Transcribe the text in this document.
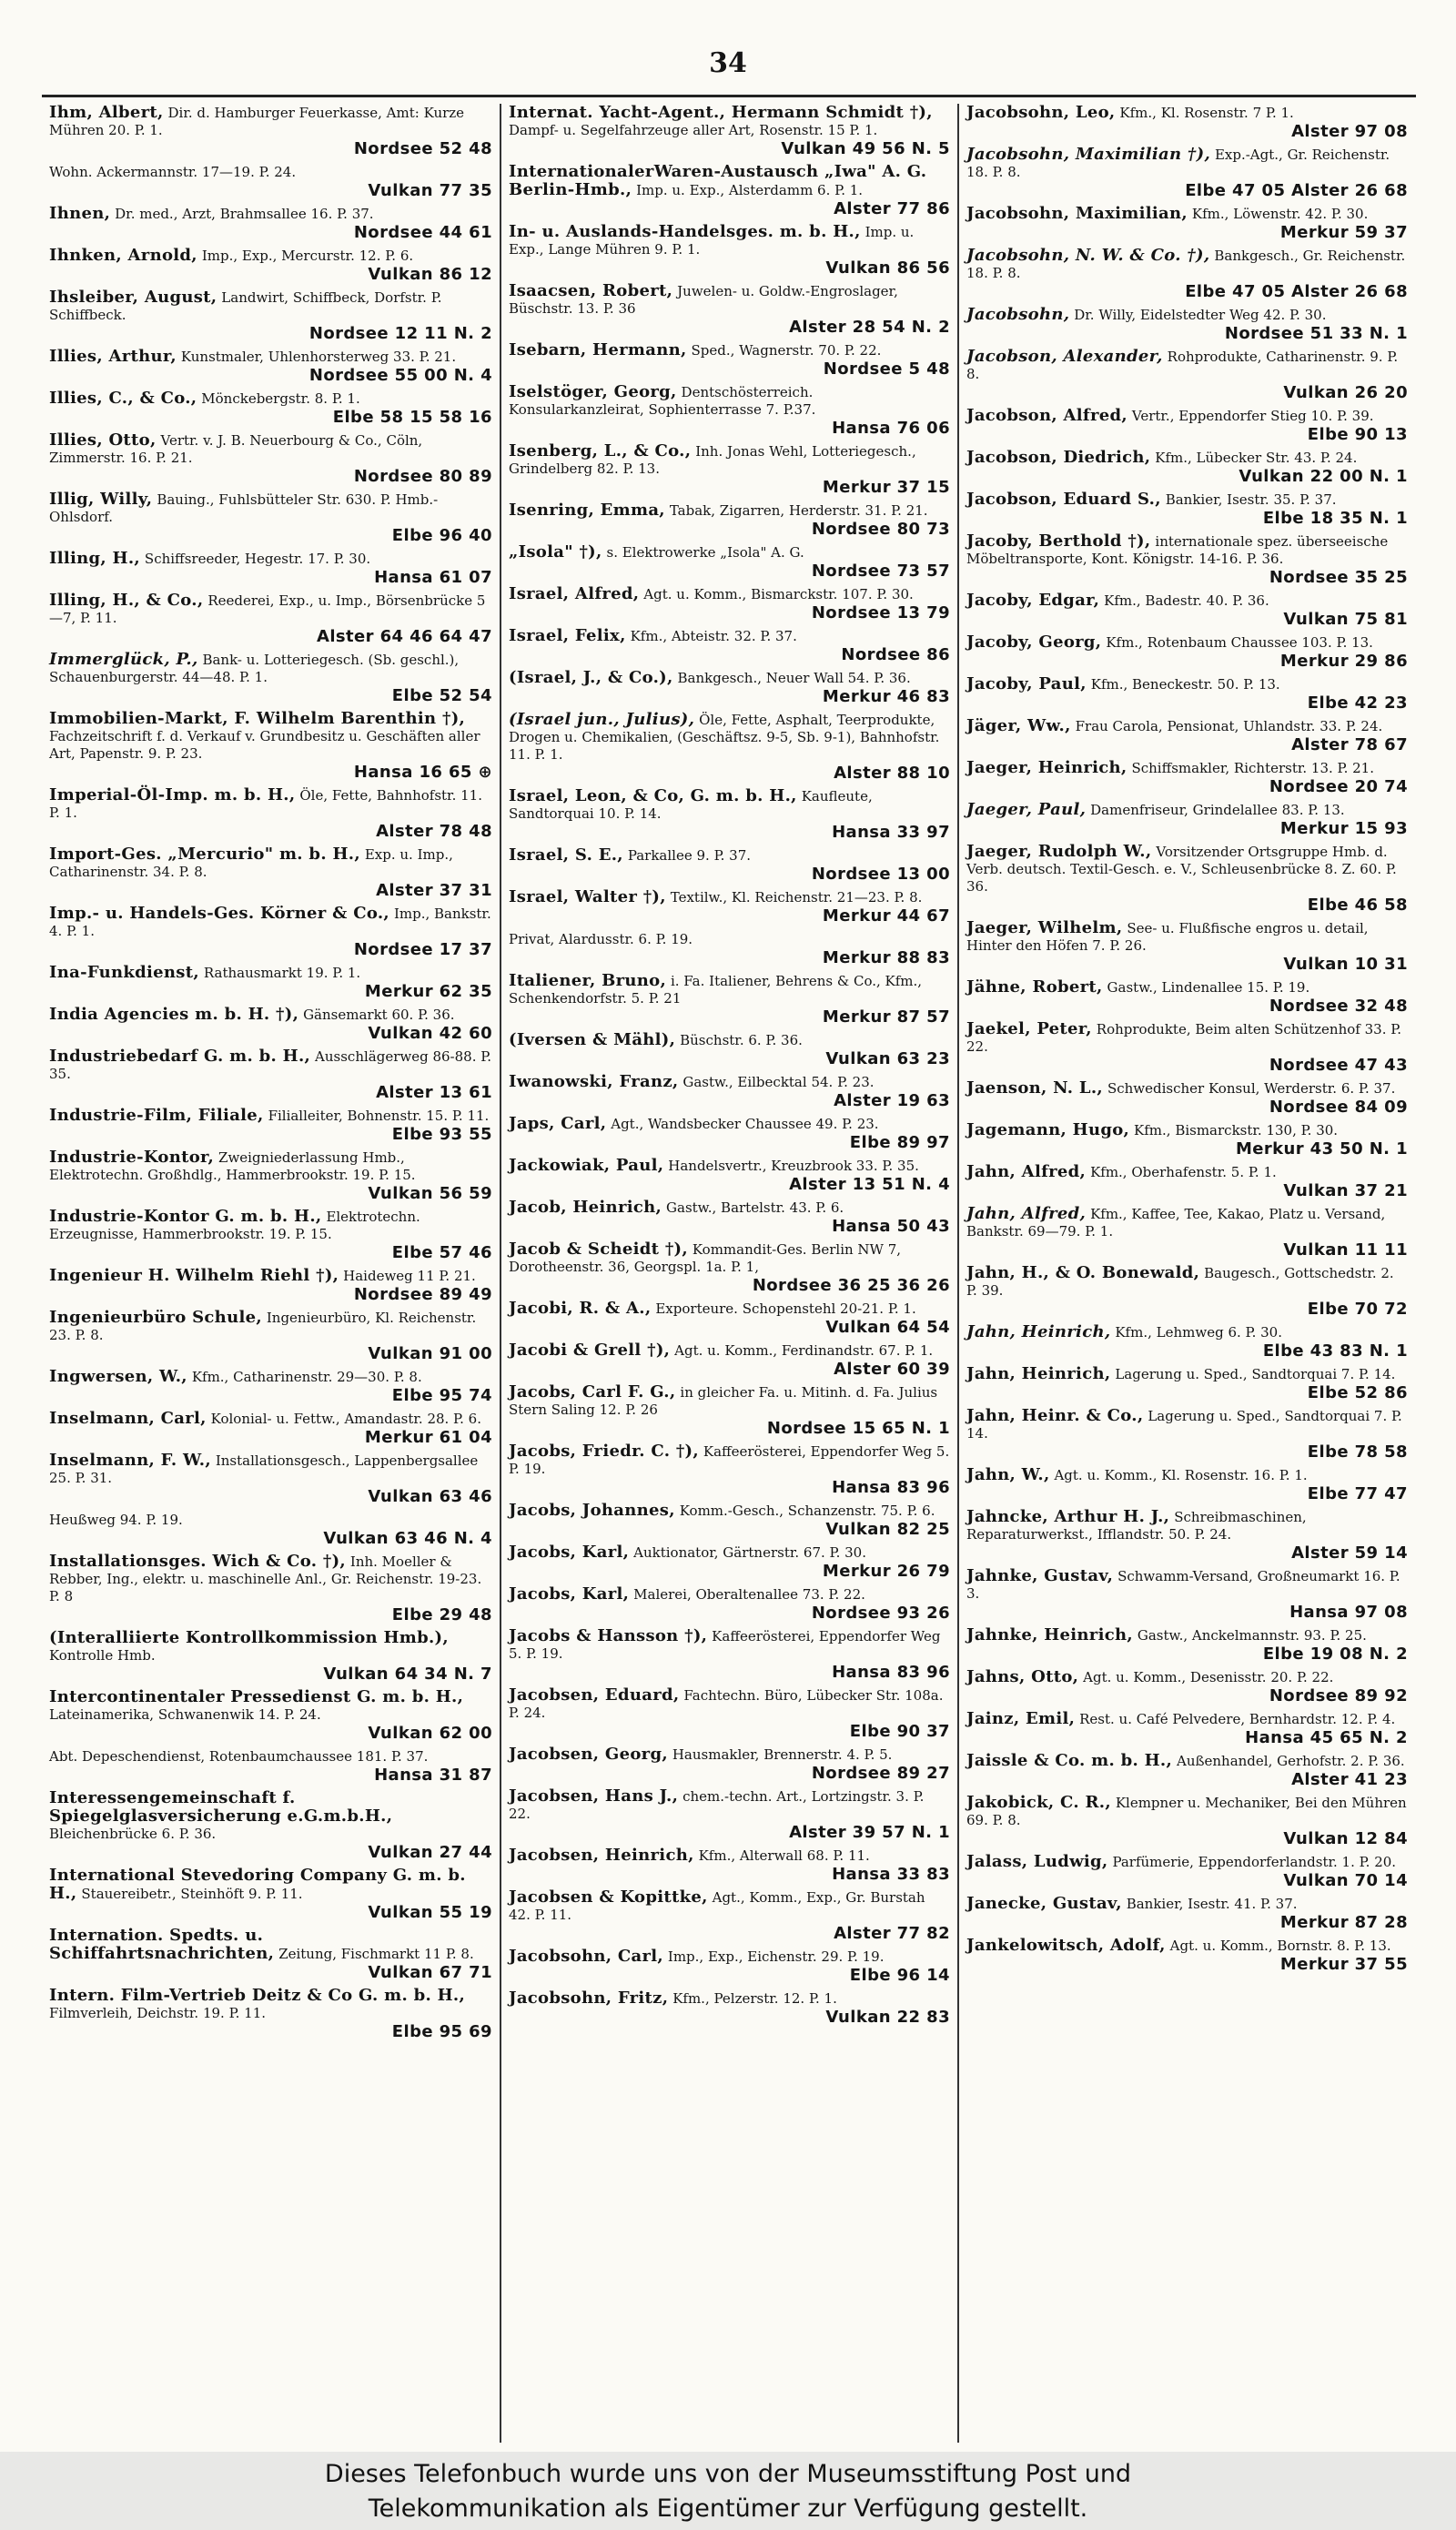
34
Ihm, Albert, Dir. d. Hamburger Feuerkasse, Amt: Kurze Mühren 20. P. 1.
Nordsee 52 48
Wohn. Ackermannstr. 17—19. P. 24.
Vulkan 77 35
Ihnen, Dr. med., Arzt, Brahmsallee 16. P. 37.
Nordsee 44 61
Ihnken, Arnold, Imp., Exp., Mercurstr. 12. P. 6.
Vulkan 86 12
Ihsleiber, August, Landwirt, Schiffbeck, Dorfstr. P. Schiffbeck.
Nordsee 12 11 N. 2
Illies, Arthur, Kunstmaler, Uhlenhorsterweg 33. P. 21.
Nordsee 55 00 N. 4
Illies, C., & Co., Mönckebergstr. 8. P. 1.
Elbe 58 15 58 16
Illies, Otto, Vertr. v. J. B. Neuerbourg & Co., Cöln, Zimmerstr. 16. P. 21.
Nordsee 80 89
Illig, Willy, Bauing., Fuhlsbütteler Str. 630. P. Hmb.-Ohlsdorf.
Elbe 96 40
Illing, H., Schiffsreeder, Hegestr. 17. P. 30.
Hansa 61 07
Illing, H., & Co., Reederei, Exp., u. Imp., Börsenbrücke 5—7, P. 11.
Alster 64 46 64 47
Immerglück, P., Bank- u. Lotteriegesch. (Sb. geschl.), Schauenburgerstr. 44—48. P. 1.
Elbe 52 54
Immobilien-Markt, F. Wilhelm Barenthin †), Fachzeitschrift f. d. Verkauf v. Grundbesitz u. Geschäften aller Art, Papenstr. 9. P. 23.
Hansa 16 65 ⊕
Imperial-Öl-Imp. m. b. H., Öle, Fette, Bahnhofstr. 11. P. 1.
Alster 78 48
Import-Ges. „Mercurio" m. b. H., Exp. u. Imp., Catharinenstr. 34. P. 8.
Alster 37 31
Imp.- u. Handels-Ges. Körner & Co., Imp., Bankstr. 4. P. 1.
Nordsee 17 37
Ina-Funkdienst, Rathausmarkt 19. P. 1.
Merkur 62 35
India Agencies m. b. H. †), Gänsemarkt 60. P. 36.
Vulkan 42 60
Industriebedarf G. m. b. H., Ausschlägerweg 86-88. P. 35.
Alster 13 61
Industrie-Film, Filiale, Filialleiter, Bohnenstr. 15. P. 11.
Elbe 93 55
Industrie-Kontor, Zweigniederlassung Hmb., Elektrotechn. Großhdlg., Hammerbrookstr. 19. P. 15.
Vulkan 56 59
Industrie-Kontor G. m. b. H., Elektrotechn. Erzeugnisse, Hammerbrookstr. 19. P. 15.
Elbe 57 46
Ingenieur H. Wilhelm Riehl †), Haideweg 11 P. 21.
Nordsee 89 49
Ingenieurbüro Schule, Ingenieurbüro, Kl. Reichenstr. 23. P. 8.
Vulkan 91 00
Ingwersen, W., Kfm., Catharinenstr. 29—30. P. 8.
Elbe 95 74
Inselmann, Carl, Kolonial- u. Fettw., Amandastr. 28. P. 6.
Merkur 61 04
Inselmann, F. W., Installationsgesch., Lappenbergsallee 25. P. 31.
Vulkan 63 46
Heußweg 94. P. 19.
Vulkan 63 46 N. 4
Installationsges. Wich & Co. †), Inh. Moeller & Rebber, Ing., elektr. u. maschinelle Anl., Gr. Reichenstr. 19-23. P. 8
Elbe 29 48
(Interalliierte Kontrollkommission Hmb.), Kontrolle Hmb.
Vulkan 64 34 N. 7
Intercontinentaler Pressedienst G. m. b. H., Lateinamerika, Schwanenwik 14. P. 24.
Vulkan 62 00
Abt. Depeschendienst, Rotenbaumchaussee 181. P. 37.
Hansa 31 87
Interessengemeinschaft f. Spiegelglasversicherung e.G.m.b.H., Bleichenbrücke 6. P. 36.
Vulkan 27 44
International Stevedoring Company G. m. b. H., Stauereibetr., Steinhöft 9. P. 11.
Vulkan 55 19
Internation. Spedts. u. Schiffahrtsnachrichten, Zeitung, Fischmarkt 11 P. 8.
Vulkan 67 71
Intern. Film-Vertrieb Deitz & Co G. m. b. H., Filmverleih, Deichstr. 19. P. 11.
Elbe 95 69
Internat. Yacht-Agent., Hermann Schmidt †), Dampf- u. Segelfahrzeuge aller Art, Rosenstr. 15 P. 1.
Vulkan 49 56 N. 5
InternationalerWaren-Austausch „Iwa" A. G. Berlin-Hmb., Imp. u. Exp., Alsterdamm 6. P. 1.
Alster 77 86
In- u. Auslands-Handelsges. m. b. H., Imp. u. Exp., Lange Mühren 9. P. 1.
Vulkan 86 56
Isaacsen, Robert, Juwelen- u. Goldw.-Engroslager, Büschstr. 13. P. 36
Alster 28 54 N. 2
Isebarn, Hermann, Sped., Wagnerstr. 70. P. 22.
Nordsee 5 48
Iselstöger, Georg, Dentschösterreich. Konsularkanzleirat, Sophienterrasse 7. P.37.
Hansa 76 06
Isenberg, L., & Co., Inh. Jonas Wehl, Lotteriegesch., Grindelberg 82. P. 13.
Merkur 37 15
Isenring, Emma, Tabak, Zigarren, Herderstr. 31. P. 21.
Nordsee 80 73
„Isola" †), s. Elektrowerke „Isola" A. G.
Nordsee 73 57
Israel, Alfred, Agt. u. Komm., Bismarckstr. 107. P. 30.
Nordsee 13 79
Israel, Felix, Kfm., Abteistr. 32. P. 37.
Nordsee 86
(Israel, J., & Co.), Bankgesch., Neuer Wall 54. P. 36.
Merkur 46 83
(Israel jun., Julius), Öle, Fette, Asphalt, Teerprodukte, Drogen u. Chemikalien, (Geschäftsz. 9-5, Sb. 9-1), Bahnhofstr. 11. P. 1.
Alster 88 10
Israel, Leon, & Co, G. m. b. H., Kaufleute, Sandtorquai 10. P. 14.
Hansa 33 97
Israel, S. E., Parkallee 9. P. 37.
Nordsee 13 00
Israel, Walter †), Textilw., Kl. Reichenstr. 21—23. P. 8.
Merkur 44 67
Privat, Alardusstr. 6. P. 19.
Merkur 88 83
Italiener, Bruno, i. Fa. Italiener, Behrens & Co., Kfm., Schenkendorfstr. 5. P. 21
Merkur 87 57
(Iversen & Mähl), Büschstr. 6. P. 36.
Vulkan 63 23
Iwanowski, Franz, Gastw., Eilbecktal 54. P. 23.
Alster 19 63
Japs, Carl, Agt., Wandsbecker Chaussee 49. P. 23.
Elbe 89 97
Jackowiak, Paul, Handelsvertr., Kreuzbrook 33. P. 35.
Alster 13 51 N. 4
Jacob, Heinrich, Gastw., Bartelstr. 43. P. 6.
Hansa 50 43
Jacob & Scheidt †), Kommandit-Ges. Berlin NW 7, Dorotheenstr. 36, Georgspl. 1a. P. 1,
Nordsee 36 25 36 26
Jacobi, R. & A., Exporteure. Schopenstehl 20-21. P. 1.
Vulkan 64 54
Jacobi & Grell †), Agt. u. Komm., Ferdinandstr. 67. P. 1.
Alster 60 39
Jacobs, Carl F. G., in gleicher Fa. u. Mitinh. d. Fa. Julius Stern Saling 12. P. 26
Nordsee 15 65 N. 1
Jacobs, Friedr. C. †), Kaffeerösterei, Eppendorfer Weg 5. P. 19.
Hansa 83 96
Jacobs, Johannes, Komm.-Gesch., Schanzenstr. 75. P. 6.
Vulkan 82 25
Jacobs, Karl, Auktionator, Gärtnerstr. 67. P. 30.
Merkur 26 79
Jacobs, Karl, Malerei, Oberaltenallee 73. P. 22.
Nordsee 93 26
Jacobs & Hansson †), Kaffeerösterei, Eppendorfer Weg 5. P. 19.
Hansa 83 96
Jacobsen, Eduard, Fachtechn. Büro, Lübecker Str. 108a. P. 24.
Elbe 90 37
Jacobsen, Georg, Hausmakler, Brennerstr. 4. P. 5.
Nordsee 89 27
Jacobsen, Hans J., chem.-techn. Art., Lortzingstr. 3. P. 22.
Alster 39 57 N. 1
Jacobsen, Heinrich, Kfm., Alterwall 68. P. 11.
Hansa 33 83
Jacobsen & Kopittke, Agt., Komm., Exp., Gr. Burstah 42. P. 11.
Alster 77 82
Jacobsohn, Carl, Imp., Exp., Eichenstr. 29. P. 19.
Elbe 96 14
Jacobsohn, Fritz, Kfm., Pelzerstr. 12. P. 1.
Vulkan 22 83
Jacobsohn, Leo, Kfm., Kl. Rosenstr. 7 P. 1.
Alster 97 08
Jacobsohn, Maximilian †), Exp.-Agt., Gr. Reichenstr. 18. P. 8.
Elbe 47 05 Alster 26 68
Jacobsohn, Maximilian, Kfm., Löwenstr. 42. P. 30.
Merkur 59 37
Jacobsohn, N. W. & Co. †), Bankgesch., Gr. Reichenstr. 18. P. 8.
Elbe 47 05 Alster 26 68
Jacobsohn, Dr. Willy, Eidelstedter Weg 42. P. 30.
Nordsee 51 33 N. 1
Jacobson, Alexander, Rohprodukte, Catharinenstr. 9. P. 8.
Vulkan 26 20
Jacobson, Alfred, Vertr., Eppendorfer Stieg 10. P. 39.
Elbe 90 13
Jacobson, Diedrich, Kfm., Lübecker Str. 43. P. 24.
Vulkan 22 00 N. 1
Jacobson, Eduard S., Bankier, Isestr. 35. P. 37.
Elbe 18 35 N. 1
Jacoby, Berthold †), internationale spez. überseeische Möbeltransporte, Kont. Königstr. 14-16. P. 36.
Nordsee 35 25
Jacoby, Edgar, Kfm., Badestr. 40. P. 36.
Vulkan 75 81
Jacoby, Georg, Kfm., Rotenbaum Chaussee 103. P. 13.
Merkur 29 86
Jacoby, Paul, Kfm., Beneckestr. 50. P. 13.
Elbe 42 23
Jäger, Ww., Frau Carola, Pensionat, Uhlandstr. 33. P. 24.
Alster 78 67
Jaeger, Heinrich, Schiffsmakler, Richterstr. 13. P. 21.
Nordsee 20 74
Jaeger, Paul, Damenfriseur, Grindelallee 83. P. 13.
Merkur 15 93
Jaeger, Rudolph W., Vorsitzender Ortsgruppe Hmb. d. Verb. deutsch. Textil-Gesch. e. V., Schleusenbrücke 8. Z. 60. P. 36.
Elbe 46 58
Jaeger, Wilhelm, See- u. Flußfische engros u. detail, Hinter den Höfen 7. P. 26.
Vulkan 10 31
Jähne, Robert, Gastw., Lindenallee 15. P. 19.
Nordsee 32 48
Jaekel, Peter, Rohprodukte, Beim alten Schützenhof 33. P. 22.
Nordsee 47 43
Jaenson, N. L., Schwedischer Konsul, Werderstr. 6. P. 37.
Nordsee 84 09
Jagemann, Hugo, Kfm., Bismarckstr. 130, P. 30.
Merkur 43 50 N. 1
Jahn, Alfred, Kfm., Oberhafenstr. 5. P. 1.
Vulkan 37 21
Jahn, Alfred, Kfm., Kaffee, Tee, Kakao, Platz u. Versand, Bankstr. 69—79. P. 1.
Vulkan 11 11
Jahn, H., & O. Bonewald, Baugesch., Gottschedstr. 2. P. 39.
Elbe 70 72
Jahn, Heinrich, Kfm., Lehmweg 6. P. 30.
Elbe 43 83 N. 1
Jahn, Heinrich, Lagerung u. Sped., Sandtorquai 7. P. 14.
Elbe 52 86
Jahn, Heinr. & Co., Lagerung u. Sped., Sandtorquai 7. P. 14.
Elbe 78 58
Jahn, W., Agt. u. Komm., Kl. Rosenstr. 16. P. 1.
Elbe 77 47
Jahncke, Arthur H. J., Schreibmaschinen, Reparaturwerkst., Ifflandstr. 50. P. 24.
Alster 59 14
Jahnke, Gustav, Schwamm-Versand, Großneumarkt 16. P. 3.
Hansa 97 08
Jahnke, Heinrich, Gastw., Anckelmannstr. 93. P. 25.
Elbe 19 08 N. 2
Jahns, Otto, Agt. u. Komm., Desenisstr. 20. P. 22.
Nordsee 89 92
Jainz, Emil, Rest. u. Café Pelvedere, Bernhardstr. 12. P. 4.
Hansa 45 65 N. 2
Jaissle & Co. m. b. H., Außenhandel, Gerhofstr. 2. P. 36.
Alster 41 23
Jakobick, C. R., Klempner u. Mechaniker, Bei den Mühren 69. P. 8.
Vulkan 12 84
Jalass, Ludwig, Parfümerie, Eppendorferlandstr. 1. P. 20.
Vulkan 70 14
Janecke, Gustav, Bankier, Isestr. 41. P. 37.
Merkur 87 28
Jankelowitsch, Adolf, Agt. u. Komm., Bornstr. 8. P. 13.
Merkur 37 55
Dieses Telefonbuch wurde uns von der Museumsstiftung Post und
Telekommunikation als Eigentümer zur Verfügung gestellt.
